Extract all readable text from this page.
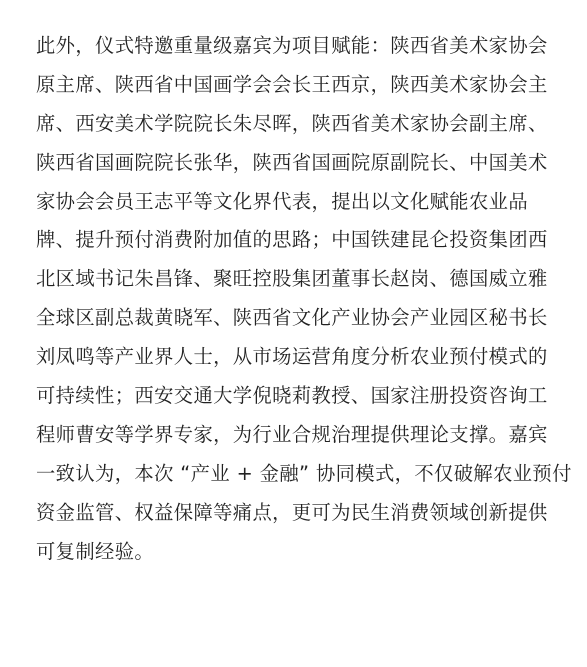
此外，仪式特邀重量级嘉宾为项目赋能：陕西省美术家协会
原主席、陕西省中国画学会会长王西京，陕西美术家协会主
席、西安美术学院院长朱尽晖，陕西省美术家协会副主席、
陕西省国画院院长张华，陕西省国画院原副院长、中国美术
家协会会员王志平等文化界代表，提出以文化赋能农业品
牌、提升预付消费附加值的思路；中国铁建昆仑投资集团西
北区域书记朱昌锋、聚旺控股集团董事长赵岗、德国威立雅
全球区副总裁黄晓军、陕西省文化产业协会产业园区秘书长
刘凤鸣等产业界人士，从市场运营角度分析农业预付模式的
可持续性；西安交通大学倪晓莉教授、国家注册投资咨询工
程师曹安等学界专家，为行业合规治理提供理论支撑。嘉宾
一致认为，本次 “产业 + 金融” 协同模式，不仅破解农业预付
资金监管、权益保障等痛点，更可为民生消费领域创新提供
可复制经验。
